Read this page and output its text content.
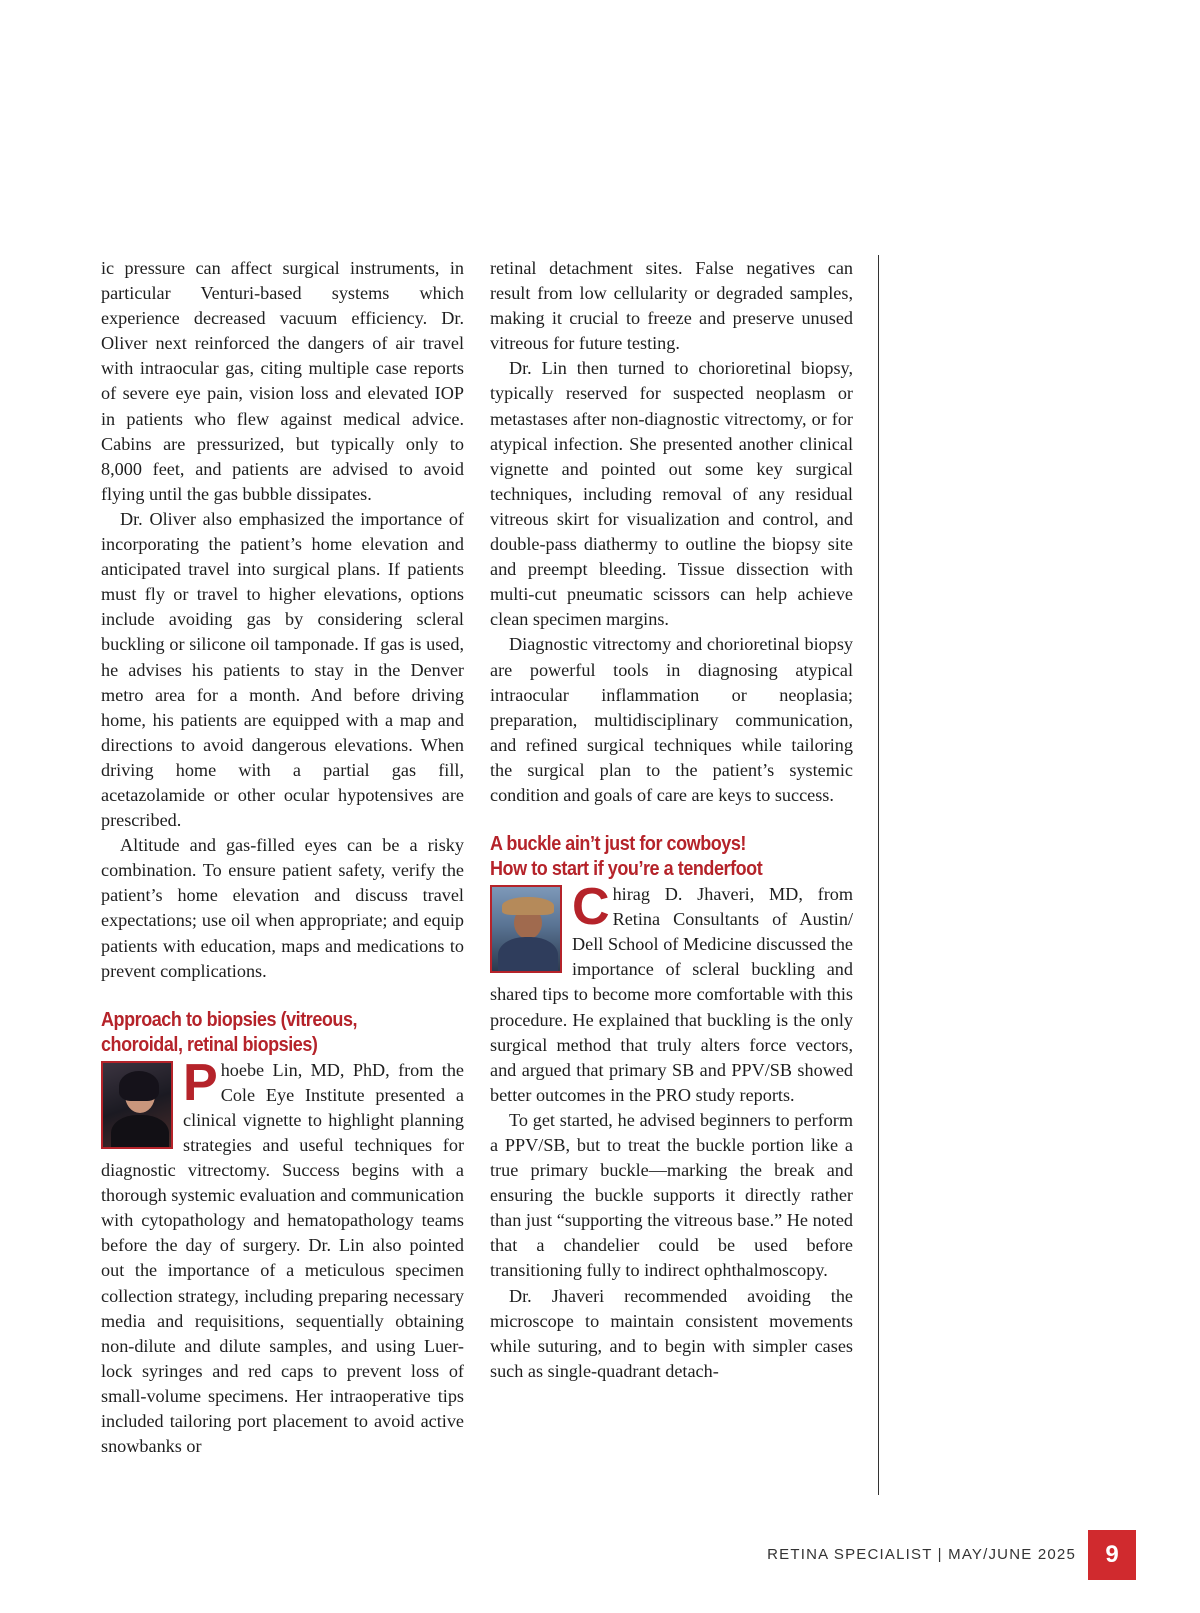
ic pressure can affect surgical instruments, in particular Venturi-based systems which experience decreased vacuum efficiency. Dr. Oliver next reinforced the dangers of air travel with intraocular gas, citing multiple case reports of severe eye pain, vision loss and elevated IOP in patients who flew against medical advice. Cabins are pressurized, but typically only to 8,000 feet, and patients are advised to avoid flying until the gas bubble dissipates.

Dr. Oliver also emphasized the importance of incorporating the patient’s home elevation and anticipated travel into surgical plans. If patients must fly or travel to higher elevations, options include avoiding gas by considering scleral buckling or silicone oil tamponade. If gas is used, he advises his patients to stay in the Denver metro area for a month. And before driving home, his patients are equipped with a map and directions to avoid dangerous elevations. When driving home with a partial gas fill, acetazolamide or other ocular hypotensives are prescribed.

Altitude and gas-filled eyes can be a risky combination. To ensure patient safety, verify the patient’s home elevation and discuss travel expectations; use oil when appropriate; and equip patients with education, maps and medications to prevent complications.

Approach to biopsies (vitreous,
choroidal, retinal biopsies)
P hoebe Lin, MD, PhD, from the Cole Eye Institute presented a clinical vignette to highlight planning strategies and useful techniques for diagnostic vitrectomy. Success begins with a thorough systemic evaluation and communication with cytopathology and hematopathology teams before the day of surgery. Dr. Lin also pointed out the importance of a meticulous specimen collection strategy, including preparing necessary media and requisitions, sequentially obtaining non-dilute and dilute samples, and using Luer-lock syringes and red caps to prevent loss of small-volume specimens. Her intraoperative tips included tailoring port placement to avoid active snowbanks or

retinal detachment sites. False negatives can result from low cellularity or degraded samples, making it crucial to freeze and preserve unused vitreous for future testing.

Dr. Lin then turned to chorioretinal biopsy, typically reserved for suspected neoplasm or metastases after non-diagnostic vitrectomy, or for atypical infection. She presented another clinical vignette and pointed out some key surgical techniques, including removal of any residual vitreous skirt for visualization and control, and double-pass diathermy to outline the biopsy site and preempt bleeding. Tissue dissection with multi-cut pneumatic scissors can help achieve clean specimen margins.

Diagnostic vitrectomy and chorioretinal biopsy are powerful tools in diagnosing atypical intraocular inflammation or neoplasia; preparation, multidisciplinary communication, and refined surgical techniques while tailoring the surgical plan to the patient’s systemic condition and goals of care are keys to success.

A buckle ain’t just for cowboys!
How to start if you’re a tenderfoot
C hirag D. Jhaveri, MD, from Retina Consultants of Austin/ Dell School of Medicine discussed the importance of scleral buckling and shared tips to become more comfortable with this procedure. He explained that buckling is the only surgical method that truly alters force vectors, and argued that primary SB and PPV/SB showed better outcomes in the PRO study reports.

To get started, he advised beginners to perform a PPV/SB, but to treat the buckle portion like a true primary buckle—marking the break and ensuring the buckle supports it directly rather than just “supporting the vitreous base.” He noted that a chandelier could be used before transitioning fully to indirect ophthalmoscopy.

Dr. Jhaveri recommended avoiding the microscope to maintain consistent movements while suturing, and to begin with simpler cases such as single-quadrant detach-

RETINA SPECIALIST | MAY/JUNE 2025 9
